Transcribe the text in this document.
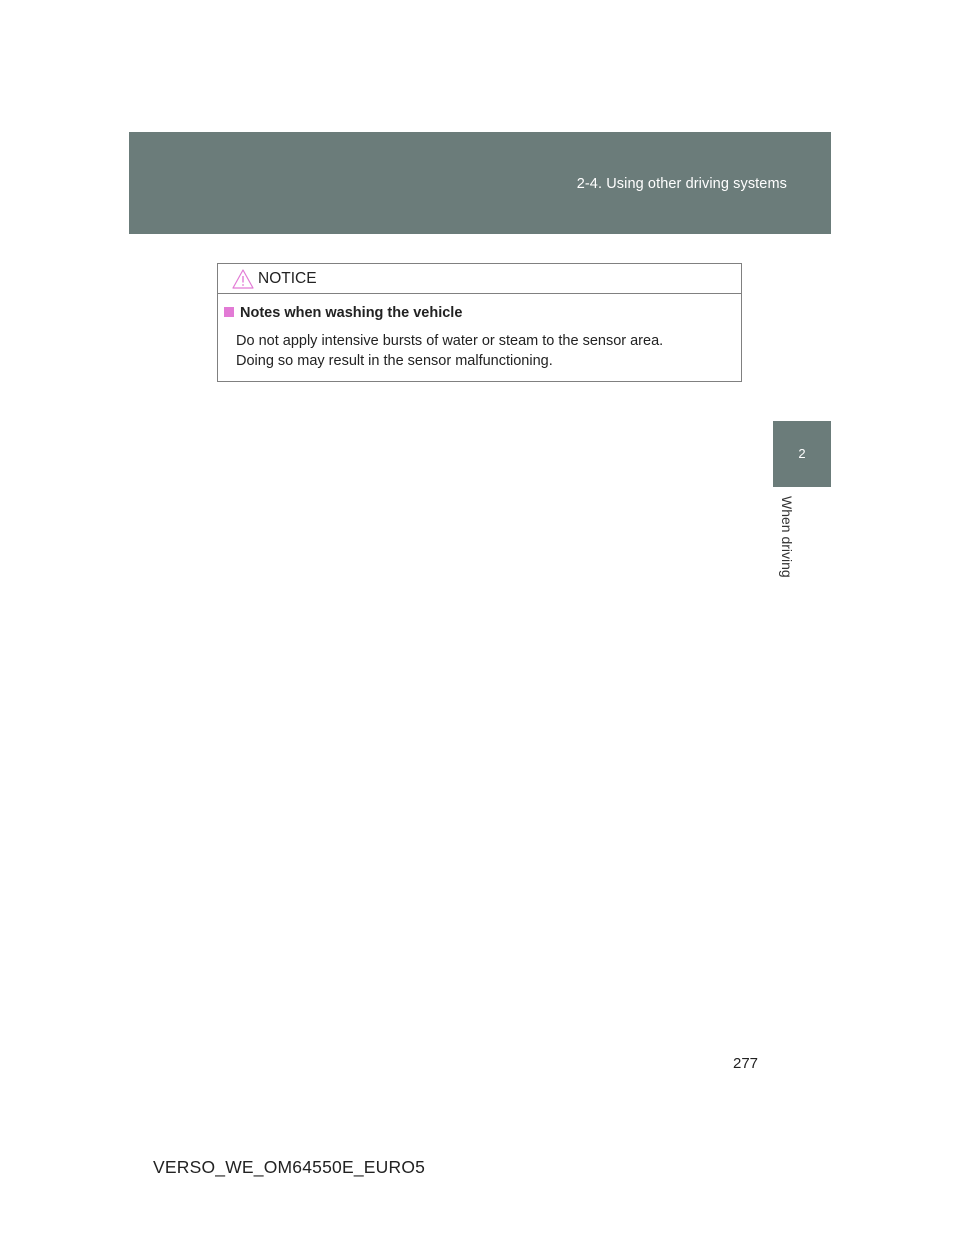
2-4. Using other driving systems
2
When driving
NOTICE
Notes when washing the vehicle
Do not apply intensive bursts of water or steam to the sensor area.
Doing so may result in the sensor malfunctioning.
277
VERSO_WE_OM64550E_EURO5
